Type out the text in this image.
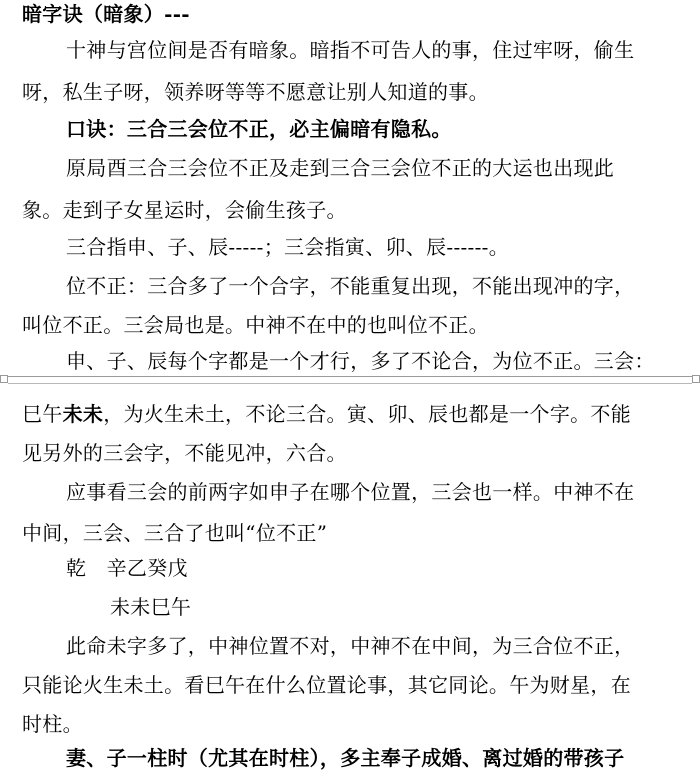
暗字诀（暗象）---
十神与宫位间是否有暗象。暗指不可告人的事，住过牢呀，偷生
呀，私生子呀，领养呀等等不愿意让别人知道的事。
口诀：三合三会位不正，必主偏暗有隐私。
原局酉三合三会位不正及走到三合三会位不正的大运也出现此
象。走到子女星运时，会偷生孩子。
三合指申、子、辰-----；三会指寅、卯、辰------。
位不正：三合多了一个合字，不能重复出现，不能出现冲的字，
叫位不正。三会局也是。中神不在中的也叫位不正。
申、子、辰每个字都是一个才行，多了不论合，为位不正。三会：
巳午未未，为火生未土，不论三合。寅、卯、辰也都是一个字。不能
见另外的三会字，不能见冲，六合。
应事看三会的前两字如申子在哪个位置，三会也一样。中神不在
中间，三会、三合了也叫“位不正”
乾　辛乙癸戊
未未巳午
此命未字多了，中神位置不对，中神不在中间，为三合位不正，
只能论火生未土。看巳午在什么位置论事，其它同论。午为财星，在
时柱。
妻、子一柱时（尤其在时柱），多主奉子成婚、离过婚的带孩子
